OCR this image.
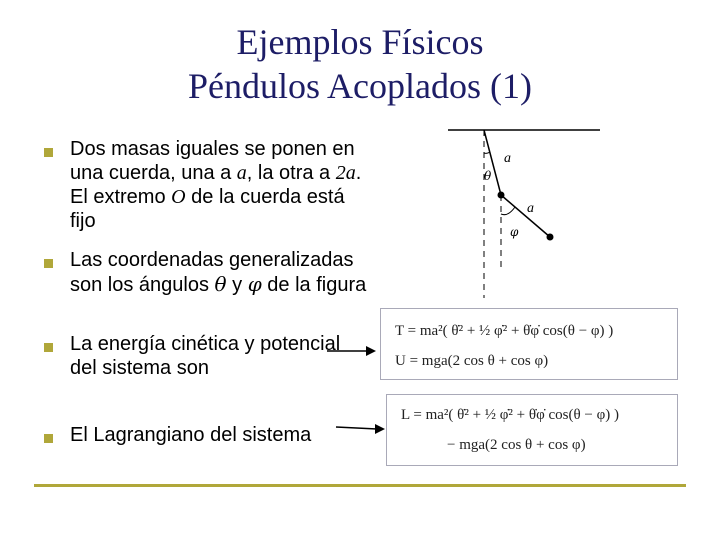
Ejemplos Físicos
Péndulos Acoplados (1)
Dos masas iguales se ponen en una cuerda, una a a, la otra a 2a. El extremo O de la cuerda está fijo
Las coordenadas generalizadas son los ángulos θ y φ de la figura
La energía cinética y potencial del sistema son
El Lagrangiano del sistema
a
θ
a
φ
T = ma²( θ̇² + ½ φ̇² + θ̇φ̇ cos(θ − φ) )
U = mga(2 cos θ + cos φ)
L = ma²( θ̇² + ½ φ̇² + θ̇φ̇ cos(θ − φ) )
− mga(2 cos θ + cos φ)
